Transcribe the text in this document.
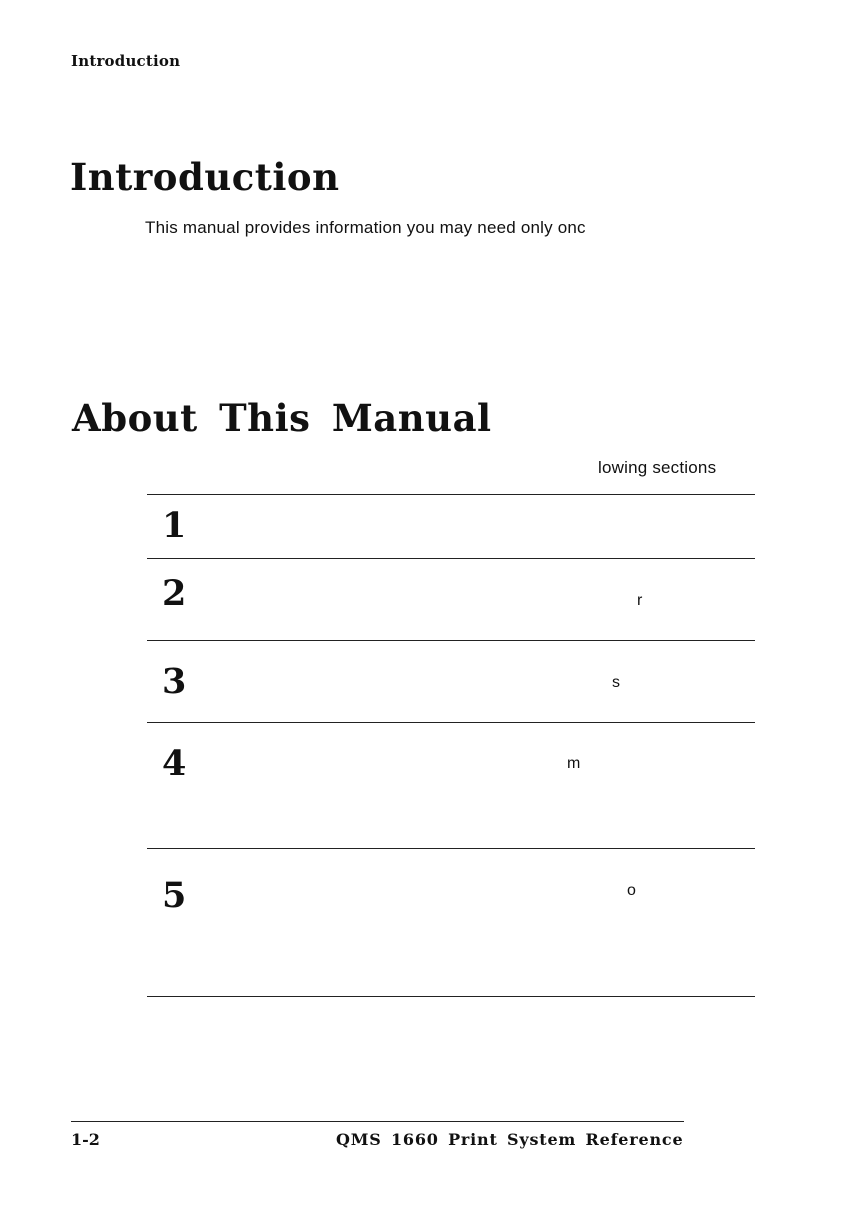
Introduction
Introduction
This manual provides information you may need only onc
About This Manual
lowing sections
1
2	r
3	s
4	m
5	o
1-2	QMS 1660 Print System Reference
